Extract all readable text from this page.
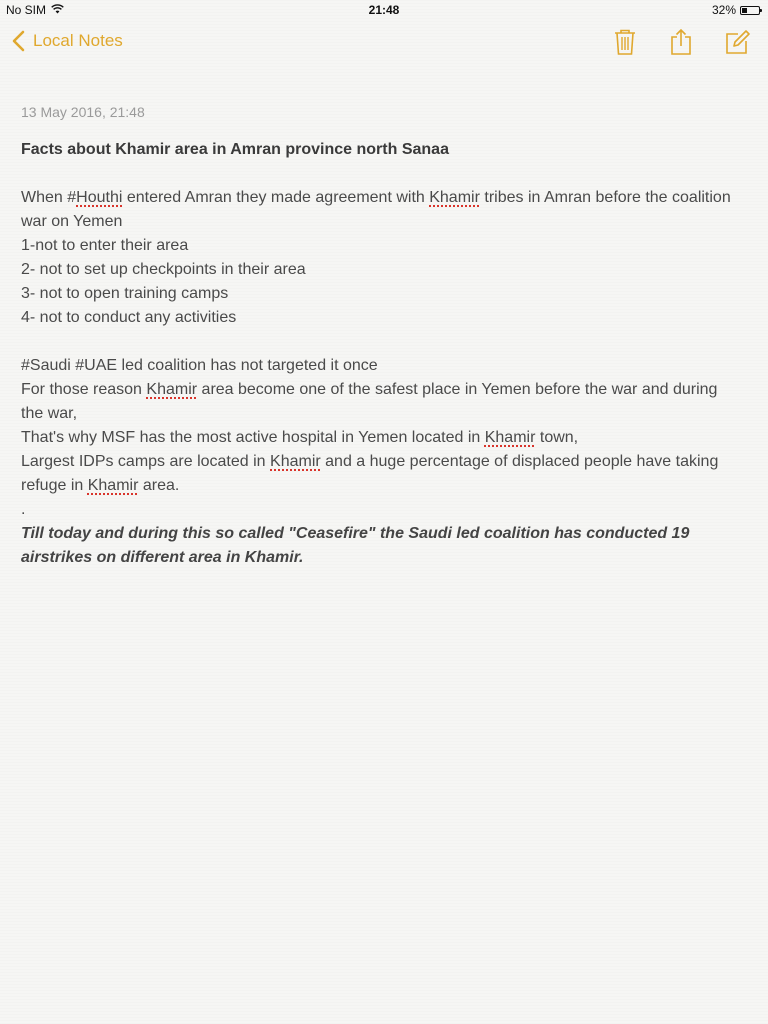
No SIM	21:48	32%
Local Notes
13 May 2016, 21:48

Facts about Khamir area in Amran province north Sanaa

When #Houthi entered Amran they made agreement with Khamir tribes in Amran before the coalition war on Yemen

1-not to enter their area

2- not to set up checkpoints in their area

3- not to open training camps

4- not to conduct any activities

#Saudi #UAE led coalition has not targeted it once

For those reason Khamir area become one of the safest place in Yemen before the war and during the war,

That's why MSF has the most active hospital in Yemen located in Khamir town,

Largest IDPs camps are located in Khamir and a huge percentage of displaced people have taking refuge in Khamir area.

.

Till today and during this so called "Ceasefire" the Saudi led coalition has conducted 19 airstrikes on different area in Khamir.
